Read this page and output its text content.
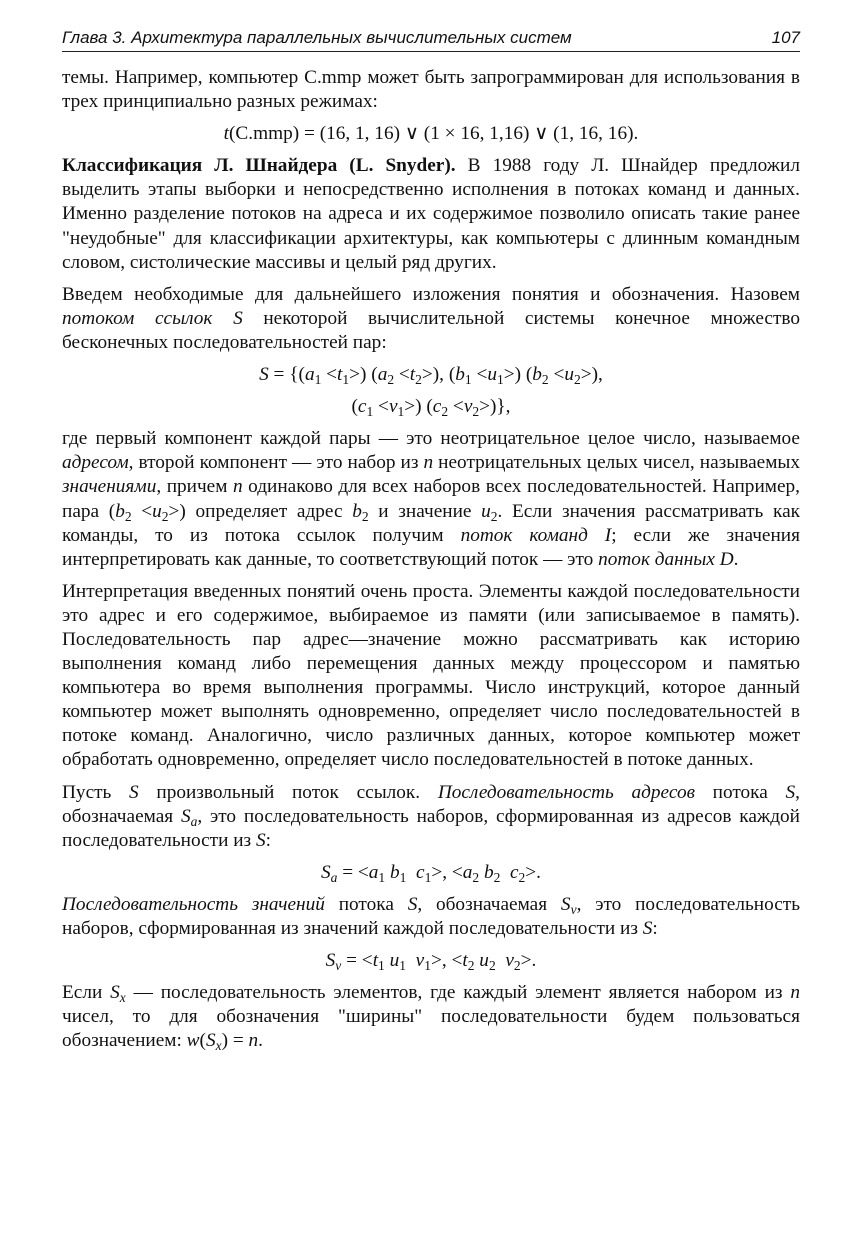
Глава 3. Архитектура параллельных вычислительных систем	107

темы. Например, компьютер C.mmp может быть запрограммирован для использования в трех принципиально разных режимах:

t(C.mmp) = (16, 1, 16) ∨ (1 × 16, 1,16) ∨ (1, 16, 16).

Классификация Л. Шнайдера (L. Snyder). В 1988 году Л. Шнайдер предложил выделить этапы выборки и непосредственно исполнения в потоках команд и данных. Именно разделение потоков на адреса и их содержимое позволило описать такие ранее "неудобные" для классификации архитектуры, как компьютеры с длинным командным словом, систолические массивы и целый ряд других.

Введем необходимые для дальнейшего изложения понятия и обозначения. Назовем потоком ссылок S некоторой вычислительной системы конечное множество бесконечных последовательностей пар:

$S = \{(a_1 <t_1>)$ $(a_2 <t_2>)$, $(b_1 <u_1>)$ $(b_2 <u_2>)$,
$(c_1 <v_1>)$ $(c_2 <v_2>)$},

где первый компонент каждой пары — это неотрицательное целое число, называемое адресом, второй компонент — это набор из n неотрицательных целых чисел, называемых значениями, причем n одинаково для всех наборов всех последовательностей. Например, пара $(b_2 <u_2>)$ определяет адрес $b_2$ и значение $u_2$. Если значения рассматривать как команды, то из потока ссылок получим поток команд I; если же значения интерпретировать как данные, то соответствующий поток — это поток данных D.

Интерпретация введенных понятий очень проста. Элементы каждой последовательности это адрес и его содержимое, выбираемое из памяти (или записываемое в память). Последовательность пар адрес—значение можно рассматривать как историю выполнения команд либо перемещения данных между процессором и памятью компьютера во время выполнения программы. Число инструкций, которое данный компьютер может выполнять одновременно, определяет число последовательностей в потоке команд. Аналогично, число различных данных, которое компьютер может обработать одновременно, определяет число последовательностей в потоке данных.

Пусть S произвольный поток ссылок. Последовательность адресов потока S, обозначаемая $S_a$, это последовательность наборов, сформированная из адресов каждой последовательности из S:

$S_a = <a_1$ $b_1$ $c_1>$, $<a_2$ $b_2$ $c_2>$.

Последовательность значений потока S, обозначаемая $S_v$, это последовательность наборов, сформированная из значений каждой последовательности из S:

$S_v = <t_1$ $u_1$ $v_1>$, $<t_2$ $u_2$ $v_2>$.

Если $S_x$ — последовательность элементов, где каждый элемент является набором из n чисел, то для обозначения "ширины" последовательности будем пользоваться обозначением: $w(S_x) = n$.
